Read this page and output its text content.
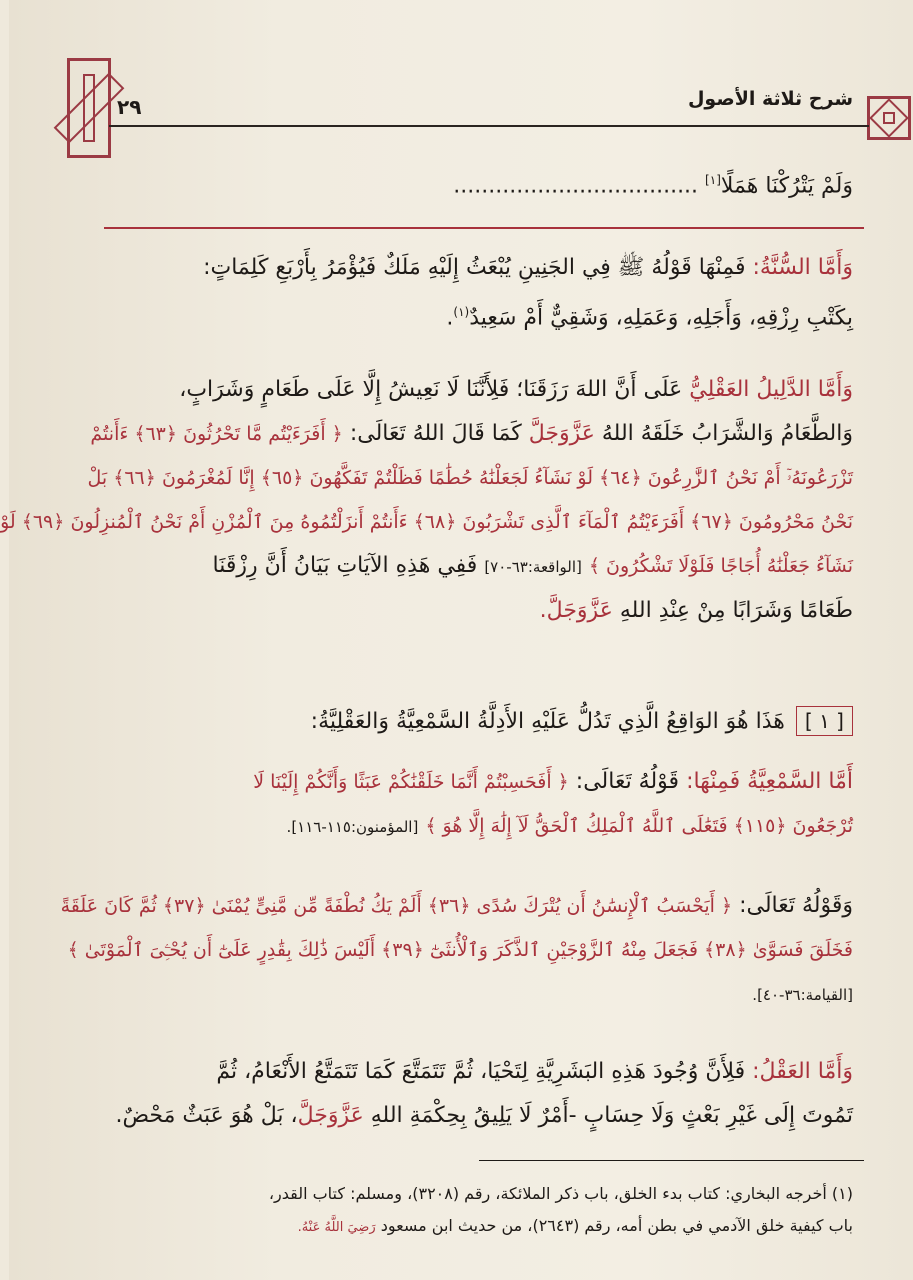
شرح ثلاثة الأصول
٢٩
وَلَمْ يَتْرُكْنَا هَمَلًا[١] ...................................
وَأَمَّا السُّنَّةُ: فَمِنْهَا قَوْلُهُ ﷺ فِي الجَنِينِ يُبْعَثُ إِلَيْهِ مَلَكٌ فَيُؤْمَرُ بِأَرْبَعِ كَلِمَاتٍ:
بِكَتْبِ رِزْقِهِ، وَأَجَلِهِ، وَعَمَلِهِ، وَشَقِيٌّ أَمْ سَعِيدٌ$^{(١)}$.
وَأَمَّا الدَّلِيلُ العَقْلِيُّ عَلَى أَنَّ اللهَ رَزَقَنَا؛ فَلِأَنَّنَا لَا نَعِيشُ إِلَّا عَلَى طَعَامٍ وَشَرَابٍ،
وَالطَّعَامُ وَالشَّرَابُ خَلَقَهُ اللهُ عَزَّوَجَلَّ كَمَا قَالَ اللهُ تَعَالَى: ﴿ أَفَرَءَيْتُم مَّا تَحْرُثُونَ ﴿٦٣﴾ ءَأَنتُمْ
تَزْرَعُونَهُۥٓ أَمْ نَحْنُ ٱلزَّٰرِعُونَ ﴿٦٤﴾ لَوْ نَشَآءُ لَجَعَلْنَٰهُ حُطَٰمًا فَظَلْتُمْ تَفَكَّهُونَ ﴿٦٥﴾ إِنَّا لَمُغْرَمُونَ ﴿٦٦﴾ بَلْ
نَحْنُ مَحْرُومُونَ ﴿٦٧﴾ أَفَرَءَيْتُمُ ٱلْمَآءَ ٱلَّذِى تَشْرَبُونَ ﴿٦٨﴾ ءَأَنتُمْ أَنزَلْتُمُوهُ مِنَ ٱلْمُزْنِ أَمْ نَحْنُ ٱلْمُنزِلُونَ ﴿٦٩﴾ لَوْ
نَشَآءُ جَعَلْنَٰهُ أُجَاجًا فَلَوْلَا تَشْكُرُونَ ﴾ [الواقعة:٦٣-٧٠] فَفِي هَذِهِ الآيَاتِ بَيَانُ أَنَّ رِزْقَنَا
طَعَامًا وَشَرَابًا مِنْ عِنْدِ اللهِ عَزَّوَجَلَّ.
[ ١ ] هَذَا هُوَ الوَاقِعُ الَّذِي تَدُلُّ عَلَيْهِ الأَدِلَّةُ السَّمْعِيَّةُ وَالعَقْلِيَّةُ:
أَمَّا السَّمْعِيَّةُ فَمِنْهَا: قَوْلُهُ تَعَالَى: ﴿ أَفَحَسِبْتُمْ أَنَّمَا خَلَقْنَٰكُمْ عَبَثًا وَأَنَّكُمْ إِلَيْنَا لَا
تُرْجَعُونَ ﴿١١٥﴾ فَتَعَٰلَى ٱللَّهُ ٱلْمَلِكُ ٱلْحَقُّ لَآ إِلَٰهَ إِلَّا هُوَ ﴾ [المؤمنون:١١٥-١١٦].
وَقَوْلُهُ تَعَالَى: ﴿ أَيَحْسَبُ ٱلْإِنسَٰنُ أَن يُتْرَكَ سُدًى ﴿٣٦﴾ أَلَمْ يَكُ نُطْفَةً مِّن مَّنِىٍّ يُمْنَىٰ ﴿٣٧﴾ ثُمَّ كَانَ عَلَقَةً
فَخَلَقَ فَسَوَّىٰ ﴿٣٨﴾ فَجَعَلَ مِنْهُ ٱلزَّوْجَيْنِ ٱلذَّكَرَ وَٱلْأُنثَىٰٓ ﴿٣٩﴾ أَلَيْسَ ذَٰلِكَ بِقَٰدِرٍ عَلَىٰٓ أَن يُحْـِۧىَ ٱلْمَوْتَىٰ ﴾
[القيامة:٣٦-٤٠].
وَأَمَّا العَقْلُ: فَلِأَنَّ وُجُودَ هَذِهِ البَشَرِيَّةِ لِتَحْيَا، ثُمَّ تَتَمَتَّعَ كَمَا تَتَمَتَّعُ الأَنْعَامُ، ثُمَّ
تَمُوتَ إِلَى غَيْرِ بَعْثٍ وَلَا حِسَابٍ -أَمْرٌ لَا يَلِيقُ بِحِكْمَةِ اللهِ عَزَّوَجَلَّ، بَلْ هُوَ عَبَثٌ مَحْضٌ.
(١) أخرجه البخاري: كتاب بدء الخلق، باب ذكر الملائكة، رقم (٣٢٠٨)، ومسلم: كتاب القدر،
باب كيفية خلق الآدمي في بطن أمه، رقم (٢٦٤٣)، من حديث ابن مسعود رَضِيَ اللَّهُ عَنْهُ.
